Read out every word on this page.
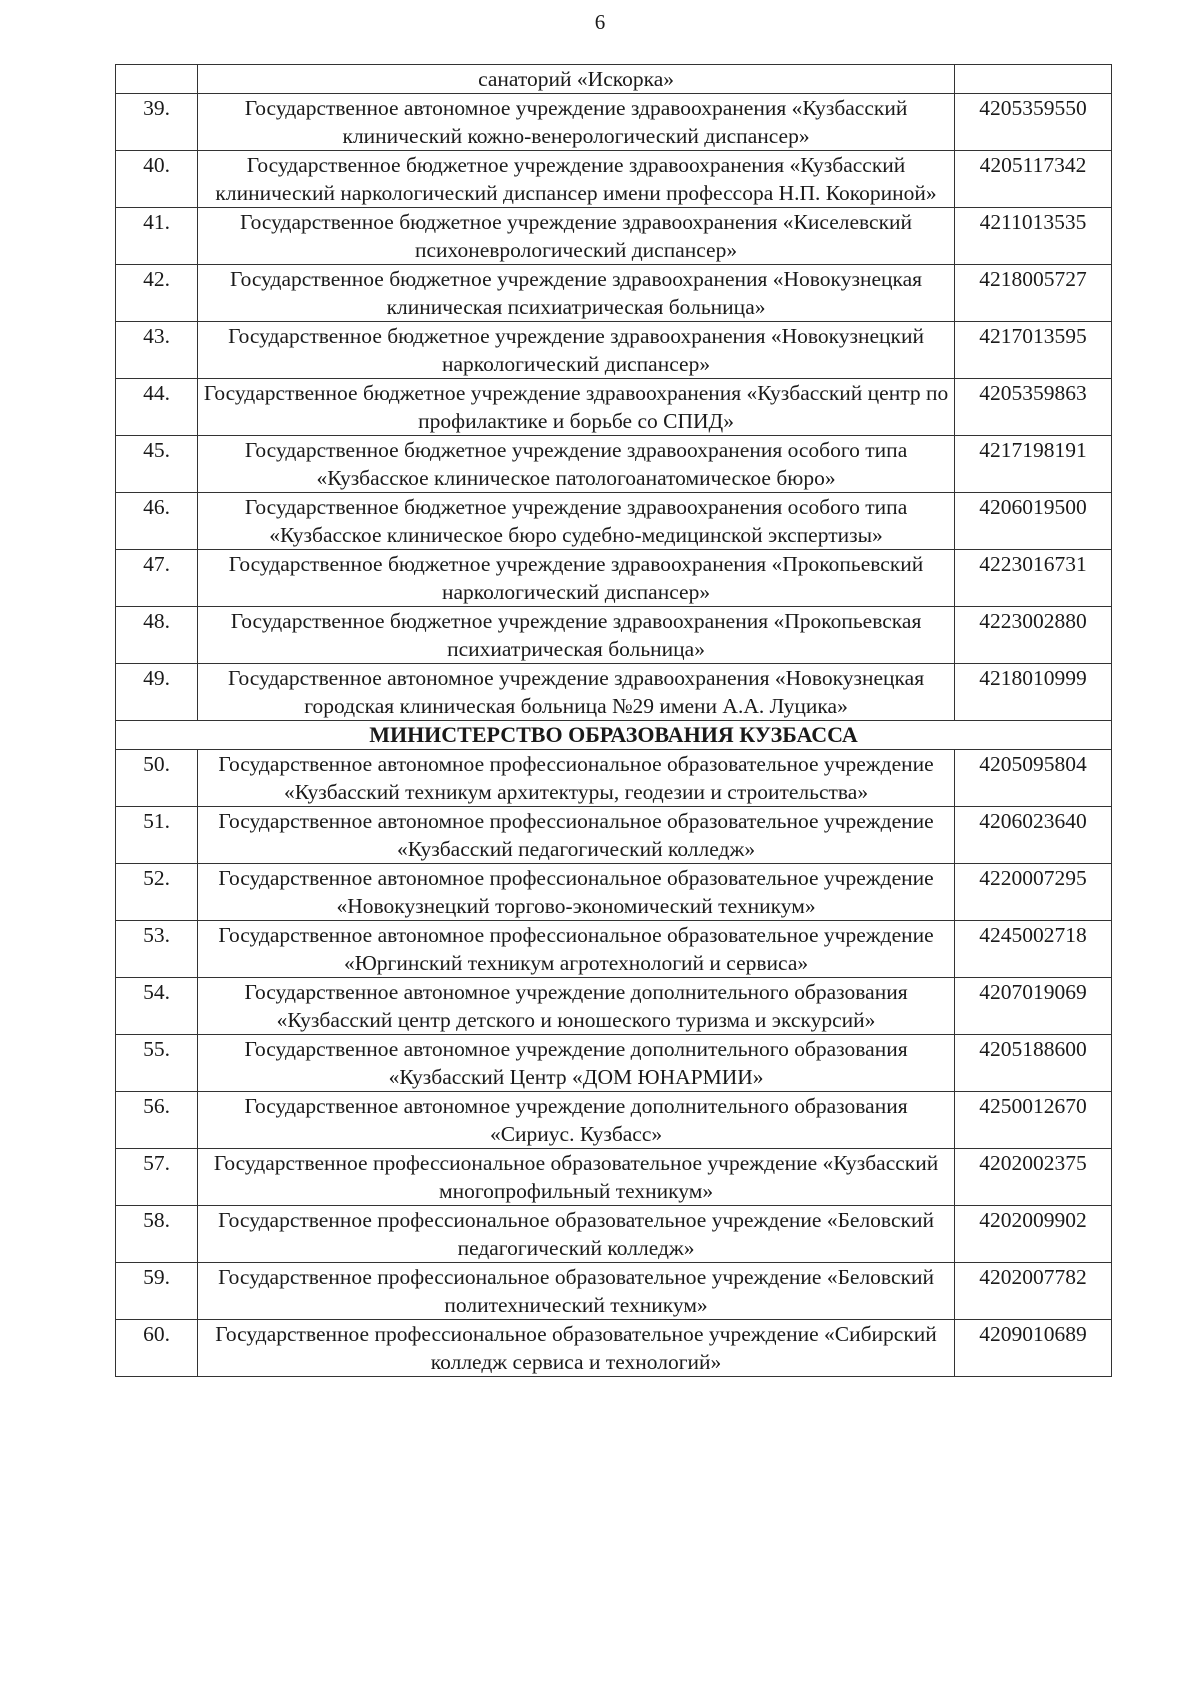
6
	санаторий «Искорка»	
39.	Государственное автономное учреждение здравоохранения «Кузбасский клинический кожно-венерологический диспансер»	4205359550
40.	Государственное бюджетное учреждение здравоохранения «Кузбасский клинический наркологический диспансер имени профессора Н.П. Кокориной»	4205117342
41.	Государственное бюджетное учреждение здравоохранения «Киселевский психоневрологический диспансер»	4211013535
42.	Государственное бюджетное учреждение здравоохранения «Новокузнецкая клиническая психиатрическая больница»	4218005727
43.	Государственное бюджетное учреждение здравоохранения «Новокузнецкий наркологический диспансер»	4217013595
44.	Государственное бюджетное учреждение здравоохранения «Кузбасский центр по профилактике и борьбе со СПИД»	4205359863
45.	Государственное бюджетное учреждение здравоохранения особого типа «Кузбасское клиническое патологоанатомическое бюро»	4217198191
46.	Государственное бюджетное учреждение здравоохранения особого типа «Кузбасское клиническое бюро судебно-медицинской экспертизы»	4206019500
47.	Государственное бюджетное учреждение здравоохранения «Прокопьевский наркологический диспансер»	4223016731
48.	Государственное бюджетное учреждение здравоохранения «Прокопьевская психиатрическая больница»	4223002880
49.	Государственное автономное учреждение здравоохранения «Новокузнецкая городская клиническая больница №29 имени А.А. Луцика»	4218010999
МИНИСТЕРСТВО ОБРАЗОВАНИЯ КУЗБАССА		
50.	Государственное автономное профессиональное образовательное учреждение «Кузбасский техникум архитектуры, геодезии и строительства»	4205095804
51.	Государственное автономное профессиональное образовательное учреждение «Кузбасский педагогический колледж»	4206023640
52.	Государственное автономное профессиональное образовательное учреждение «Новокузнецкий торгово-экономический техникум»	4220007295
53.	Государственное автономное профессиональное образовательное учреждение «Юргинский техникум агротехнологий и сервиса»	4245002718
54.	Государственное автономное учреждение дополнительного образования «Кузбасский центр детского и юношеского туризма и экскурсий»	4207019069
55.	Государственное автономное учреждение дополнительного образования «Кузбасский Центр «ДОМ ЮНАРМИИ»	4205188600
56.	Государственное автономное учреждение дополнительного образования «Сириус. Кузбасс»	4250012670
57.	Государственное профессиональное образовательное учреждение «Кузбасский многопрофильный техникум»	4202002375
58.	Государственное профессиональное образовательное учреждение «Беловский педагогический колледж»	4202009902
59.	Государственное профессиональное образовательное учреждение «Беловский политехнический техникум»	4202007782
60.	Государственное профессиональное образовательное учреждение «Сибирский колледж сервиса и технологий»	4209010689
